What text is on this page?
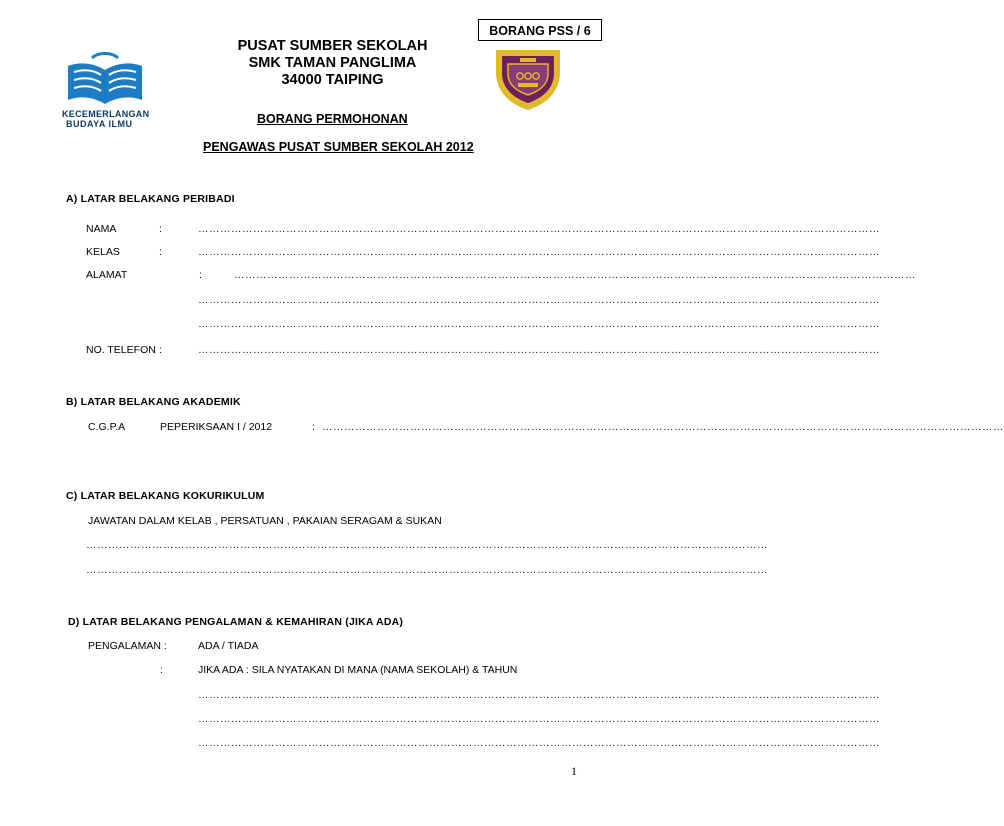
BORANG PSS / 6
KECEMERLANGAN
BUDAYA ILMU
PUSAT SUMBER SEKOLAH
SMK TAMAN PANGLIMA
34000 TAIPING
BORANG PERMOHONAN
PENGAWAS PUSAT SUMBER SEKOLAH 2012
A) LATAR BELAKANG PERIBADI
NAMA	:	……………………………………………………………………………………………………………………………………………………………………
KELAS	:	……………………………………………………………………………………………………………………………………………………………………
ALAMAT	:	……………………………………………………………………………………………………………………………………………………………………
……………………………………………………………………………………………………………………………………………………………………
……………………………………………………………………………………………………………………………………………………………………
NO. TELEFON :	……………………………………………………………………………………………………………………………………………………………………
B) LATAR BELAKANG AKADEMIK
C.G.P.A	PEPERIKSAAN I / 2012	: ……………………………………………………………………………………………………………………………………………………………………
C) LATAR BELAKANG KOKURIKULUM
JAWATAN DALAM KELAB , PERSATUAN , PAKAIAN SERAGAM & SUKAN
……………………………………………………………………………………………………………………………………………………………………
……………………………………………………………………………………………………………………………………………………………………
D) LATAR BELAKANG PENGALAMAN & KEMAHIRAN (JIKA ADA)
PENGALAMAN :	ADA / TIADA
:	JIKA ADA : SILA NYATAKAN DI MANA (NAMA SEKOLAH) & TAHUN
……………………………………………………………………………………………………………………………………………………………………
……………………………………………………………………………………………………………………………………………………………………
……………………………………………………………………………………………………………………………………………………………………
1
